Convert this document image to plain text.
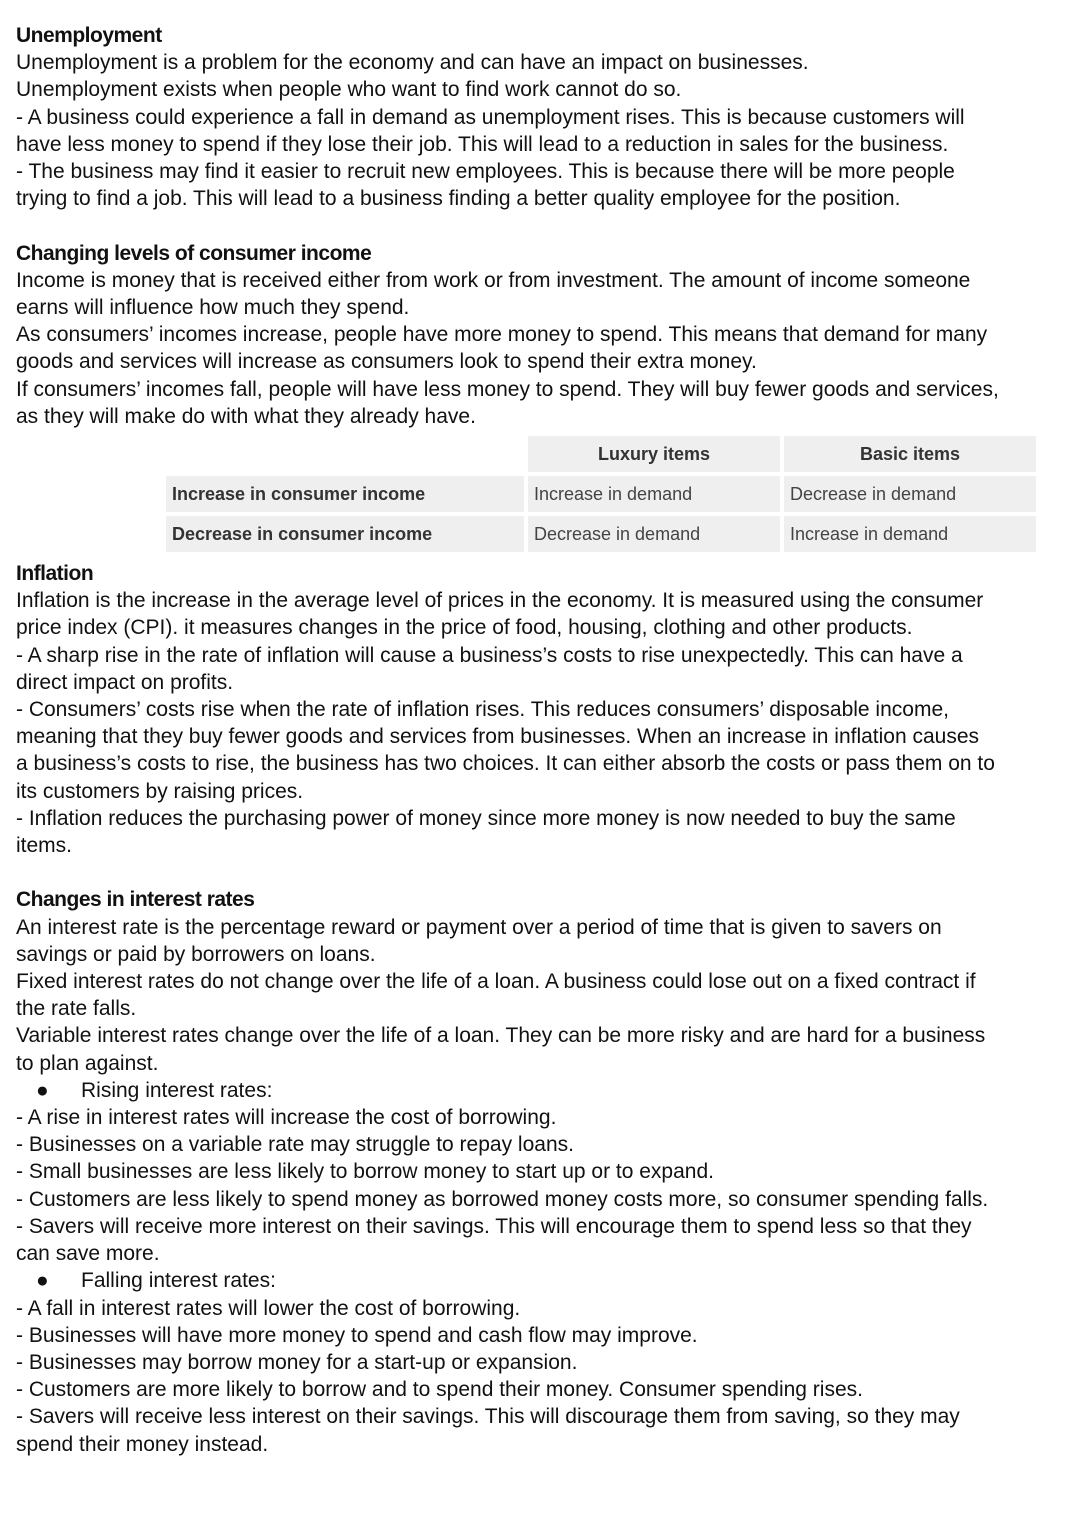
Unemployment
Unemployment is a problem for the economy and can have an impact on businesses.
Unemployment exists when people who want to find work cannot do so.
- A business could experience a fall in demand as unemployment rises. This is because customers will
have less money to spend if they lose their job. This will lead to a reduction in sales for the business.
- The business may find it easier to recruit new employees. This is because there will be more people
trying to find a job. This will lead to a business finding a better quality employee for the position.
Changing levels of consumer income
Income is money that is received either from work or from investment. The amount of income someone
earns will influence how much they spend.
As consumers’ incomes increase, people have more money to spend. This means that demand for many
goods and services will increase as consumers look to spend their extra money.
If consumers’ incomes fall, people will have less money to spend. They will buy fewer goods and services,
as they will make do with what they already have.
	Luxury items	Basic items
Increase in consumer income	Increase in demand	Decrease in demand
Decrease in consumer income	Decrease in demand	Increase in demand
Inflation
Inflation is the increase in the average level of prices in the economy. It is measured using the consumer
price index (CPI). it measures changes in the price of food, housing, clothing and other products.
- A sharp rise in the rate of inflation will cause a business’s costs to rise unexpectedly. This can have a
direct impact on profits.
- Consumers’ costs rise when the rate of inflation rises. This reduces consumers’ disposable income,
meaning that they buy fewer goods and services from businesses. When an increase in inflation causes
a business’s costs to rise, the business has two choices. It can either absorb the costs or pass them on to
its customers by raising prices.
- Inflation reduces the purchasing power of money since more money is now needed to buy the same
items.
Changes in interest rates
An interest rate is the percentage reward or payment over a period of time that is given to savers on
savings or paid by borrowers on loans.
Fixed interest rates do not change over the life of a loan. A business could lose out on a fixed contract if
the rate falls.
Variable interest rates change over the life of a loan. They can be more risky and are hard for a business
to plan against.
● Rising interest rates:
- A rise in interest rates will increase the cost of borrowing.
- Businesses on a variable rate may struggle to repay loans.
- Small businesses are less likely to borrow money to start up or to expand.
- Customers are less likely to spend money as borrowed money costs more, so consumer spending falls.
- Savers will receive more interest on their savings. This will encourage them to spend less so that they
can save more.
● Falling interest rates:
- A fall in interest rates will lower the cost of borrowing.
- Businesses will have more money to spend and cash flow may improve.
- Businesses may borrow money for a start-up or expansion.
- Customers are more likely to borrow and to spend their money. Consumer spending rises.
- Savers will receive less interest on their savings. This will discourage them from saving, so they may
spend their money instead.
